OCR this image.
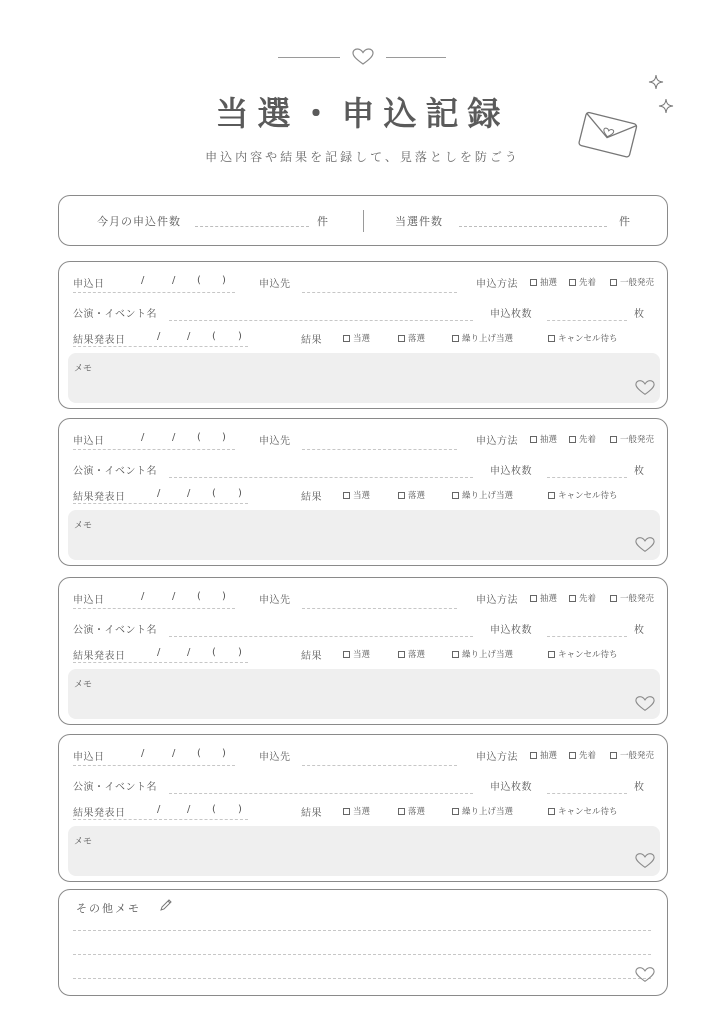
当選・申込記録
申込内容や結果を記録して、見落としを防ごう
今月の申込件数	件	当選件数	件
申込日	/	/ ( )	申込先	申込方法	抽選	先着	一般発売
公演・イベント名	申込枚数	枚
結果発表日	/	/ ( )	結果	当選	落選	繰り上げ当選	キャンセル待ち
メモ
申込日	/	/ ( )	申込先	申込方法	抽選	先着	一般発売
公演・イベント名	申込枚数	枚
結果発表日	/	/ ( )	結果	当選	落選	繰り上げ当選	キャンセル待ち
メモ
申込日	/	/ ( )	申込先	申込方法	抽選	先着	一般発売
公演・イベント名	申込枚数	枚
結果発表日	/	/ ( )	結果	当選	落選	繰り上げ当選	キャンセル待ち
メモ
申込日	/	/ ( )	申込先	申込方法	抽選	先着	一般発売
公演・イベント名	申込枚数	枚
結果発表日	/	/ ( )	結果	当選	落選	繰り上げ当選	キャンセル待ち
メモ
その他メモ
